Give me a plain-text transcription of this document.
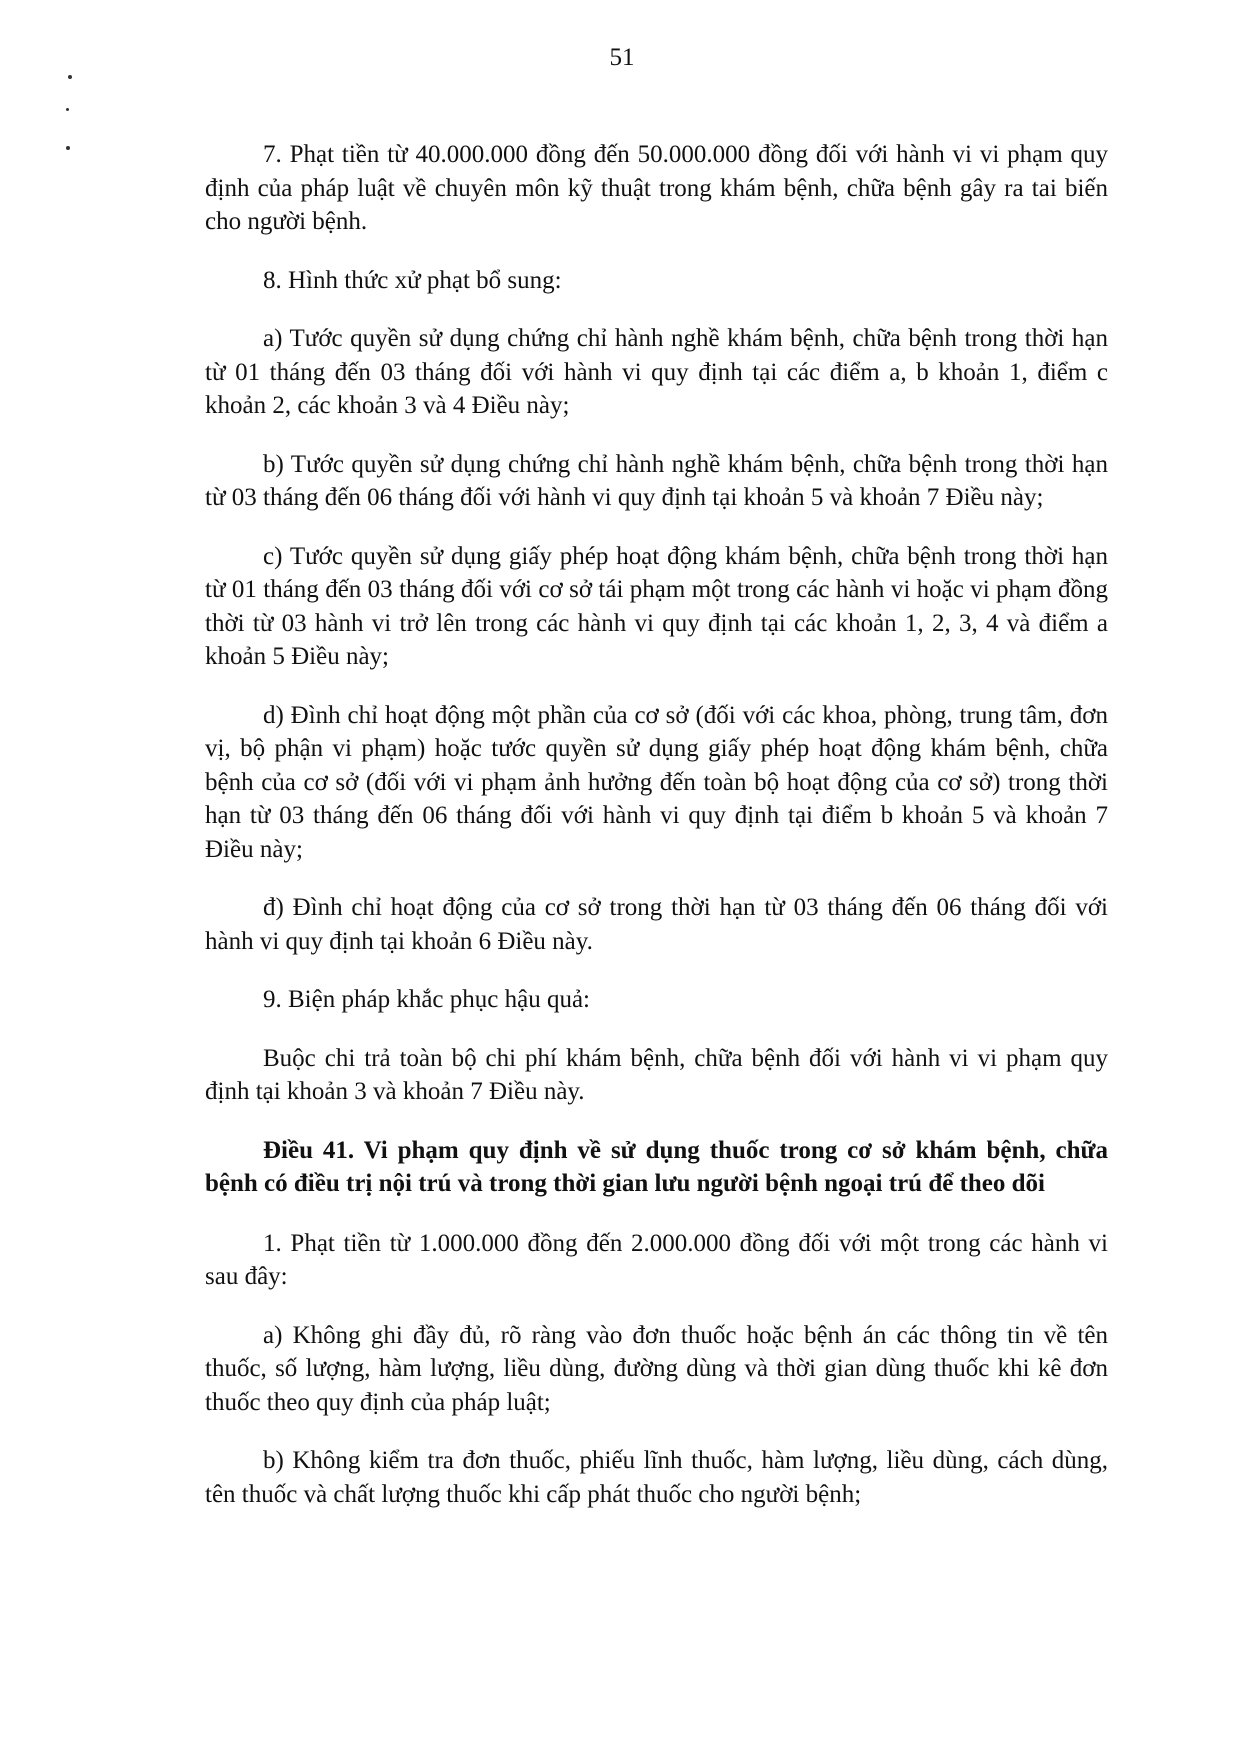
51

7. Phạt tiền từ 40.000.000 đồng đến 50.000.000 đồng đối với hành vi vi phạm quy định của pháp luật về chuyên môn kỹ thuật trong khám bệnh, chữa bệnh gây ra tai biến cho người bệnh.

8. Hình thức xử phạt bổ sung:

a) Tước quyền sử dụng chứng chỉ hành nghề khám bệnh, chữa bệnh trong thời hạn từ 01 tháng đến 03 tháng đối với hành vi quy định tại các điểm a, b khoản 1, điểm c khoản 2, các khoản 3 và 4 Điều này;

b) Tước quyền sử dụng chứng chỉ hành nghề khám bệnh, chữa bệnh trong thời hạn từ 03 tháng đến 06 tháng đối với hành vi quy định tại khoản 5 và khoản 7 Điều này;

c) Tước quyền sử dụng giấy phép hoạt động khám bệnh, chữa bệnh trong thời hạn từ 01 tháng đến 03 tháng đối với cơ sở tái phạm một trong các hành vi hoặc vi phạm đồng thời từ 03 hành vi trở lên trong các hành vi quy định tại các khoản 1, 2, 3, 4 và điểm a khoản 5 Điều này;

d) Đình chỉ hoạt động một phần của cơ sở (đối với các khoa, phòng, trung tâm, đơn vị, bộ phận vi phạm) hoặc tước quyền sử dụng giấy phép hoạt động khám bệnh, chữa bệnh của cơ sở (đối với vi phạm ảnh hưởng đến toàn bộ hoạt động của cơ sở) trong thời hạn từ 03 tháng đến 06 tháng đối với hành vi quy định tại điểm b khoản 5 và khoản 7 Điều này;

đ) Đình chỉ hoạt động của cơ sở trong thời hạn từ 03 tháng đến 06 tháng đối với hành vi quy định tại khoản 6 Điều này.

9. Biện pháp khắc phục hậu quả:

Buộc chi trả toàn bộ chi phí khám bệnh, chữa bệnh đối với hành vi vi phạm quy định tại khoản 3 và khoản 7 Điều này.

Điều 41. Vi phạm quy định về sử dụng thuốc trong cơ sở khám bệnh, chữa bệnh có điều trị nội trú và trong thời gian lưu người bệnh ngoại trú để theo dõi

1. Phạt tiền từ 1.000.000 đồng đến 2.000.000 đồng đối với một trong các hành vi sau đây:

a) Không ghi đầy đủ, rõ ràng vào đơn thuốc hoặc bệnh án các thông tin về tên thuốc, số lượng, hàm lượng, liều dùng, đường dùng và thời gian dùng thuốc khi kê đơn thuốc theo quy định của pháp luật;

b) Không kiểm tra đơn thuốc, phiếu lĩnh thuốc, hàm lượng, liều dùng, cách dùng, tên thuốc và chất lượng thuốc khi cấp phát thuốc cho người bệnh;
